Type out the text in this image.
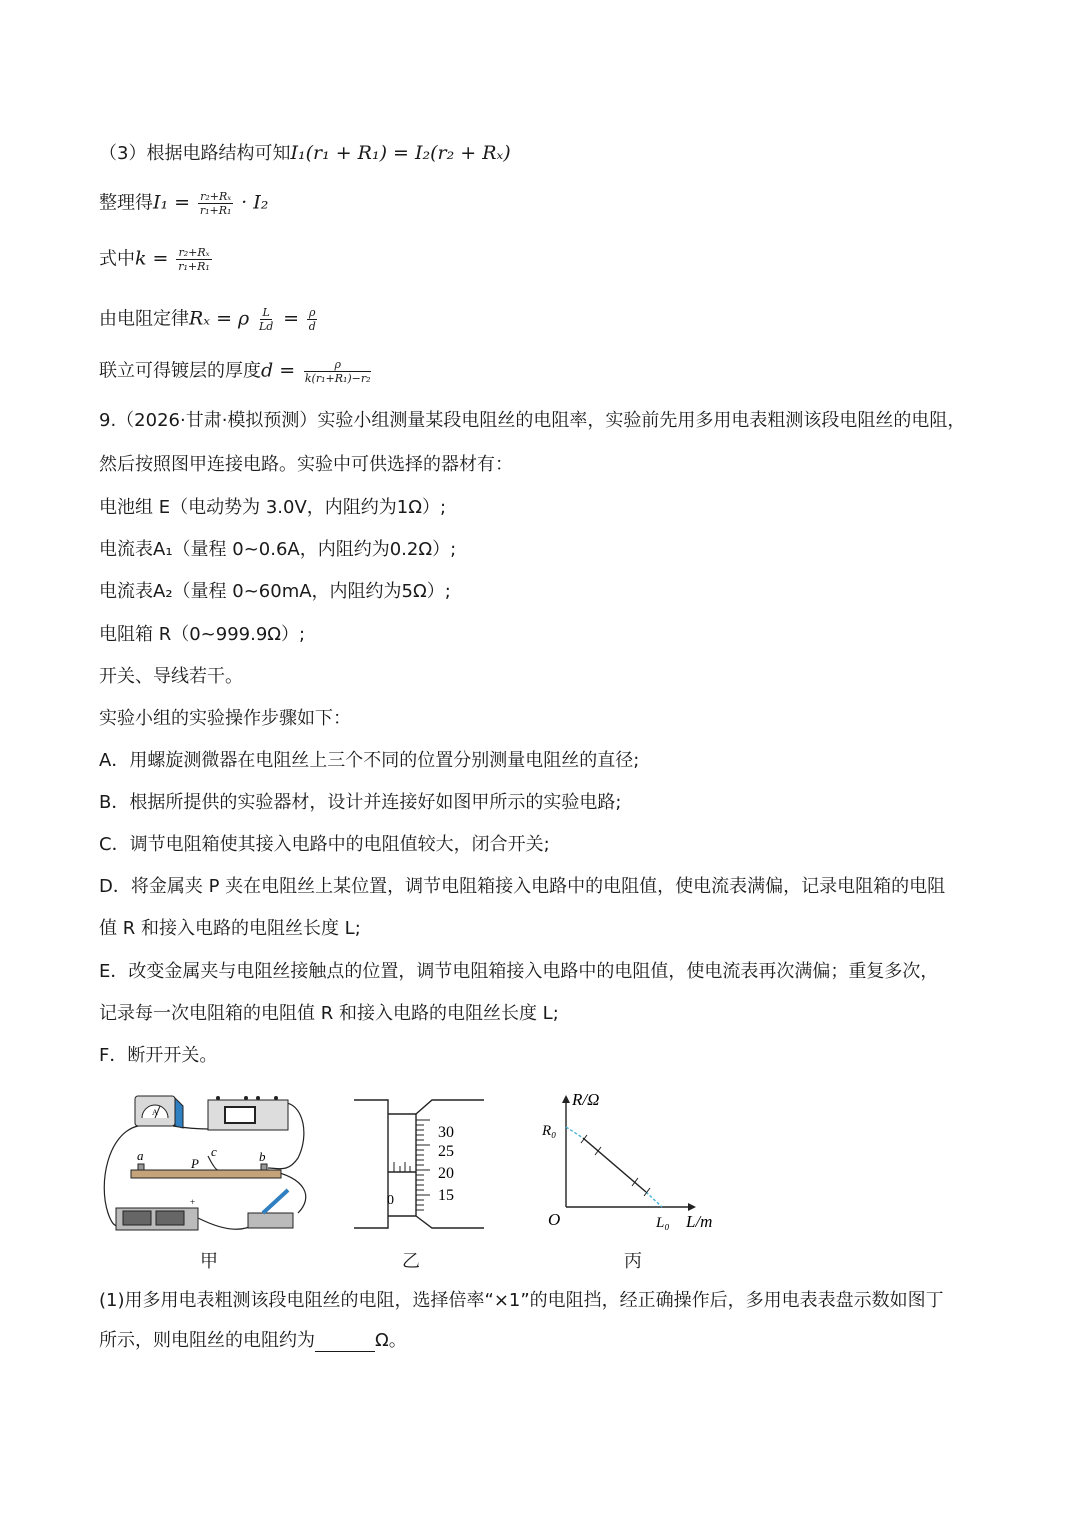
（3）根据电路结构可知I₁(r₁ + R₁) = I₂(r₂ + Rₓ)
整理得$I_1 = \frac{\text{r₂+Rₓ}}{\text{r₁+R₁}} \cdot I_2$
式中$k = \frac{\text{r₂+Rₓ}}{\text{r₁+R₁}}$
由电阻定律Rₓ = ρ $\frac{L}{Ld} = \frac{\rho}{d}$
联立可得镀层的厚度$d = \frac{\rho}{\text{k(r₁+R₁)−r₂}}$
9.（2026·甘肃·模拟预测）实验小组测量某段电阻丝的电阻率，实验前先用多用电表粗测该段电阻丝的电阻，
然后按照图甲连接电路。实验中可供选择的器材有：
电池组 E（电动势为 3.0V，内阻约为1Ω）;
电流表A₁（量程 0~0.6A，内阻约为0.2Ω）;
电流表A₂（量程 0~60mA，内阻约为5Ω）;
电阻箱 R（0~999.9Ω）;
开关、导线若干。
实验小组的实验操作步骤如下：
A．用螺旋测微器在电阻丝上三个不同的位置分别测量电阻丝的直径;
B．根据所提供的实验器材，设计并连接好如图甲所示的实验电路;
C．调节电阻箱使其接入电路中的电阻值较大，闭合开关;
D．将金属夹 P 夹在电阻丝上某位置，调节电阻箱接入电路中的电阻值，使电流表满偏，记录电阻箱的电阻
值 R 和接入电路的电阻丝长度 L;
E．改变金属夹与电阻丝接触点的位置，调节电阻箱接入电路中的电阻值，使电流表再次满偏；重复多次，
记录每一次电阻箱的电阻值 R 和接入电路的电阻丝长度 L;
F．断开开关。
A
a
P
c	b
+
甲
0
30
25
20
15
乙
R/Ω
L/m
O
R₀
L₀
丙
(1)用多用电表粗测该段电阻丝的电阻，选择倍率“×1”的电阻挡，经正确操作后，多用电表表盘示数如图丁
所示，则电阻丝的电阻约为	Ω。
